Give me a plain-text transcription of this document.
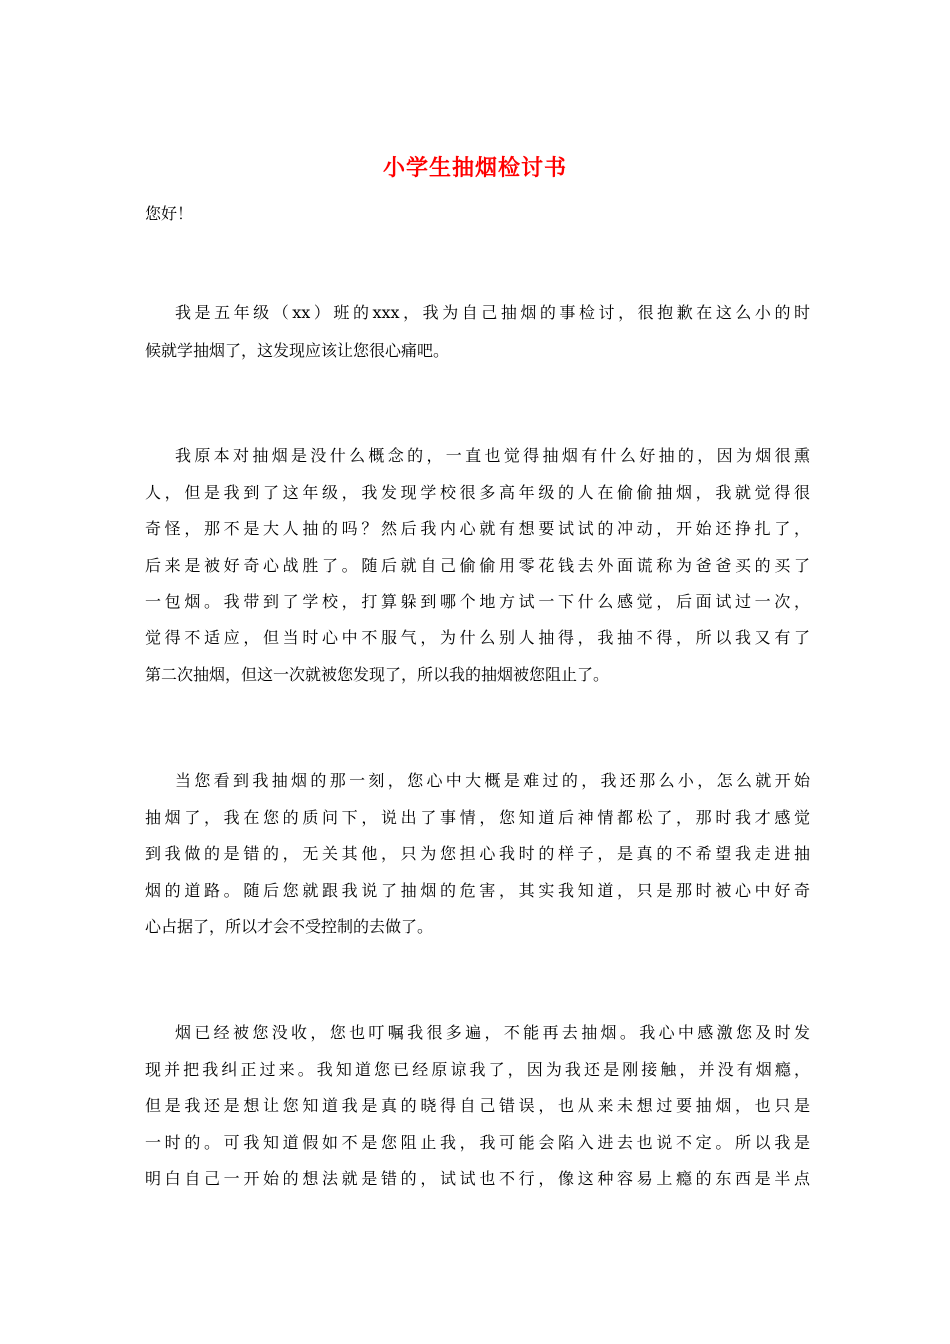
小学生抽烟检讨书
您好！
我是五年级（xx）班的xxx，我为自己抽烟的事检讨，很抱歉在这么小的时
候就学抽烟了，这发现应该让您很心痛吧。
我原本对抽烟是没什么概念的，一直也觉得抽烟有什么好抽的，因为烟很熏
人，但是我到了这年级，我发现学校很多高年级的人在偷偷抽烟，我就觉得很
奇怪，那不是大人抽的吗？然后我内心就有想要试试的冲动，开始还挣扎了，
后来是被好奇心战胜了。随后就自己偷偷用零花钱去外面谎称为爸爸买的买了
一包烟。我带到了学校，打算躲到哪个地方试一下什么感觉，后面试过一次，
觉得不适应，但当时心中不服气，为什么别人抽得，我抽不得，所以我又有了
第二次抽烟，但这一次就被您发现了，所以我的抽烟被您阻止了。
当您看到我抽烟的那一刻，您心中大概是难过的，我还那么小，怎么就开始
抽烟了，我在您的质问下，说出了事情，您知道后神情都松了，那时我才感觉
到我做的是错的，无关其他，只为您担心我时的样子，是真的不希望我走进抽
烟的道路。随后您就跟我说了抽烟的危害，其实我知道，只是那时被心中好奇
心占据了，所以才会不受控制的去做了。
烟已经被您没收，您也叮嘱我很多遍，不能再去抽烟。我心中感激您及时发
现并把我纠正过来。我知道您已经原谅我了，因为我还是刚接触，并没有烟瘾，
但是我还是想让您知道我是真的晓得自己错误，也从来未想过要抽烟，也只是
一时的。可我知道假如不是您阻止我，我可能会陷入进去也说不定。所以我是
明白自己一开始的想法就是错的，试试也不行，像这种容易上瘾的东西是半点
